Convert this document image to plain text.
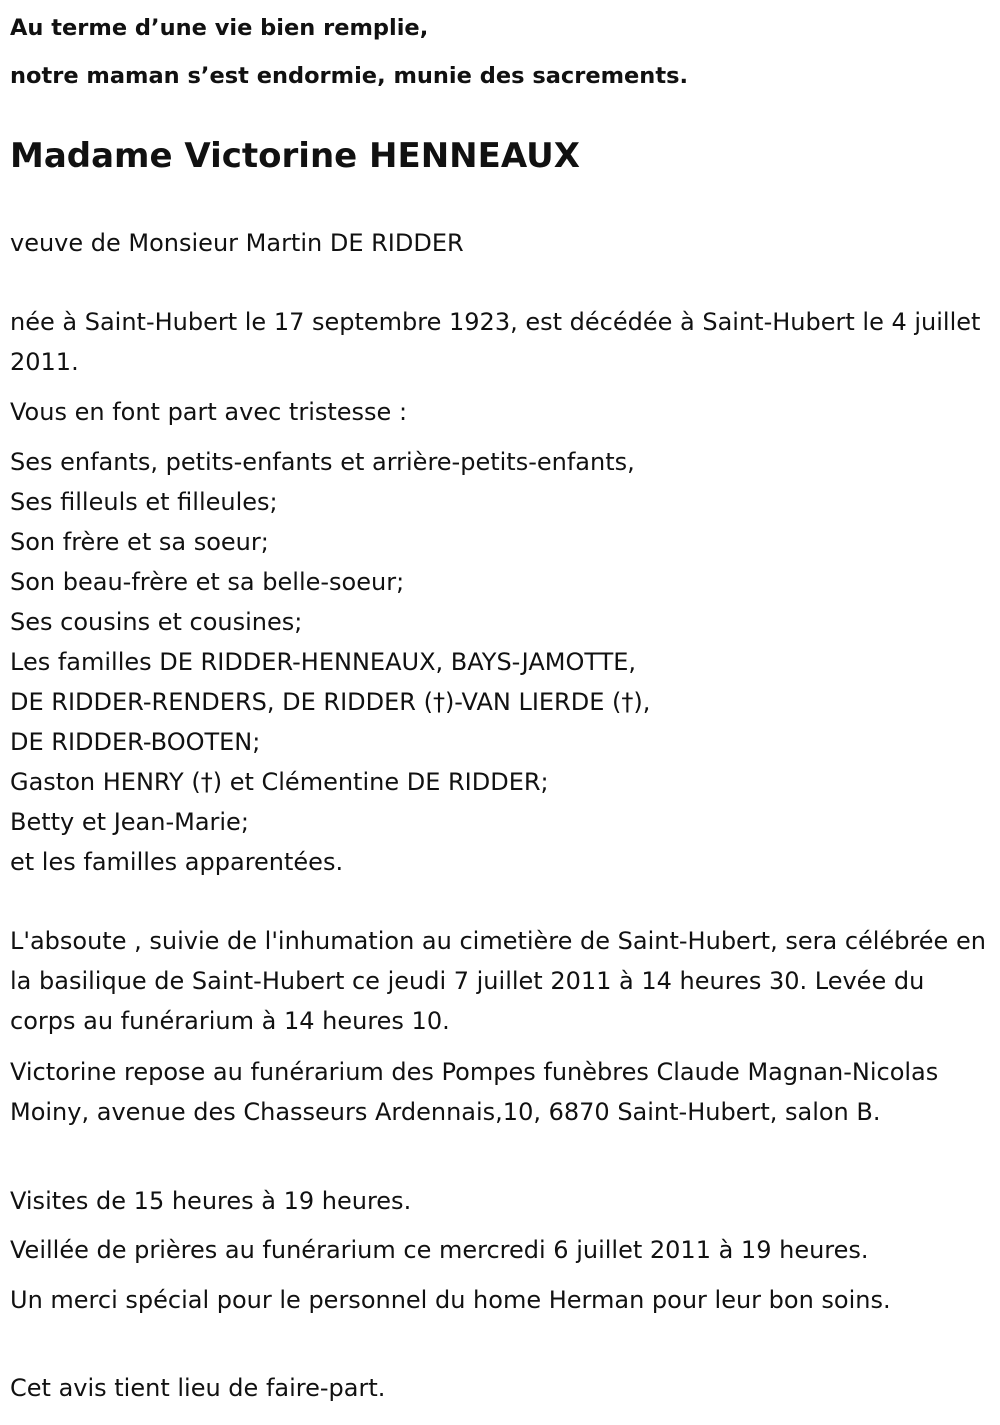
Au terme d’une vie bien remplie,
notre maman s’est endormie, munie des sacrements.
Madame Victorine HENNEAUX
veuve de Monsieur Martin DE RIDDER
née à Saint-Hubert le 17 septembre 1923, est décédée à Saint-Hubert le 4 juillet 2011.
Vous en font part avec tristesse :
Ses enfants, petits-enfants et arrière-petits-enfants,
Ses filleuls et filleules;
Son frère et sa soeur;
Son beau-frère et sa belle-soeur;
Ses cousins et cousines;
Les familles DE RIDDER-HENNEAUX, BAYS-JAMOTTE,
DE RIDDER-RENDERS, DE RIDDER (†)-VAN LIERDE (†),
DE RIDDER-BOOTEN;
Gaston HENRY (†) et Clémentine DE RIDDER;
Betty et Jean-Marie;
et les familles apparentées.
L'absoute , suivie de l'inhumation au cimetière de Saint-Hubert, sera célébrée en la basilique de Saint-Hubert ce jeudi 7 juillet 2011 à 14 heures 30. Levée du corps au funérarium à 14 heures 10.
Victorine repose au funérarium des Pompes funèbres Claude Magnan-Nicolas Moiny, avenue des Chasseurs Ardennais,10, 6870 Saint-Hubert, salon B.
Visites de 15 heures à 19 heures.
Veillée de prières au funérarium ce mercredi 6 juillet 2011 à 19 heures.
Un merci spécial pour le personnel du home Herman pour leur bon soins.
Cet avis tient lieu de faire-part.
